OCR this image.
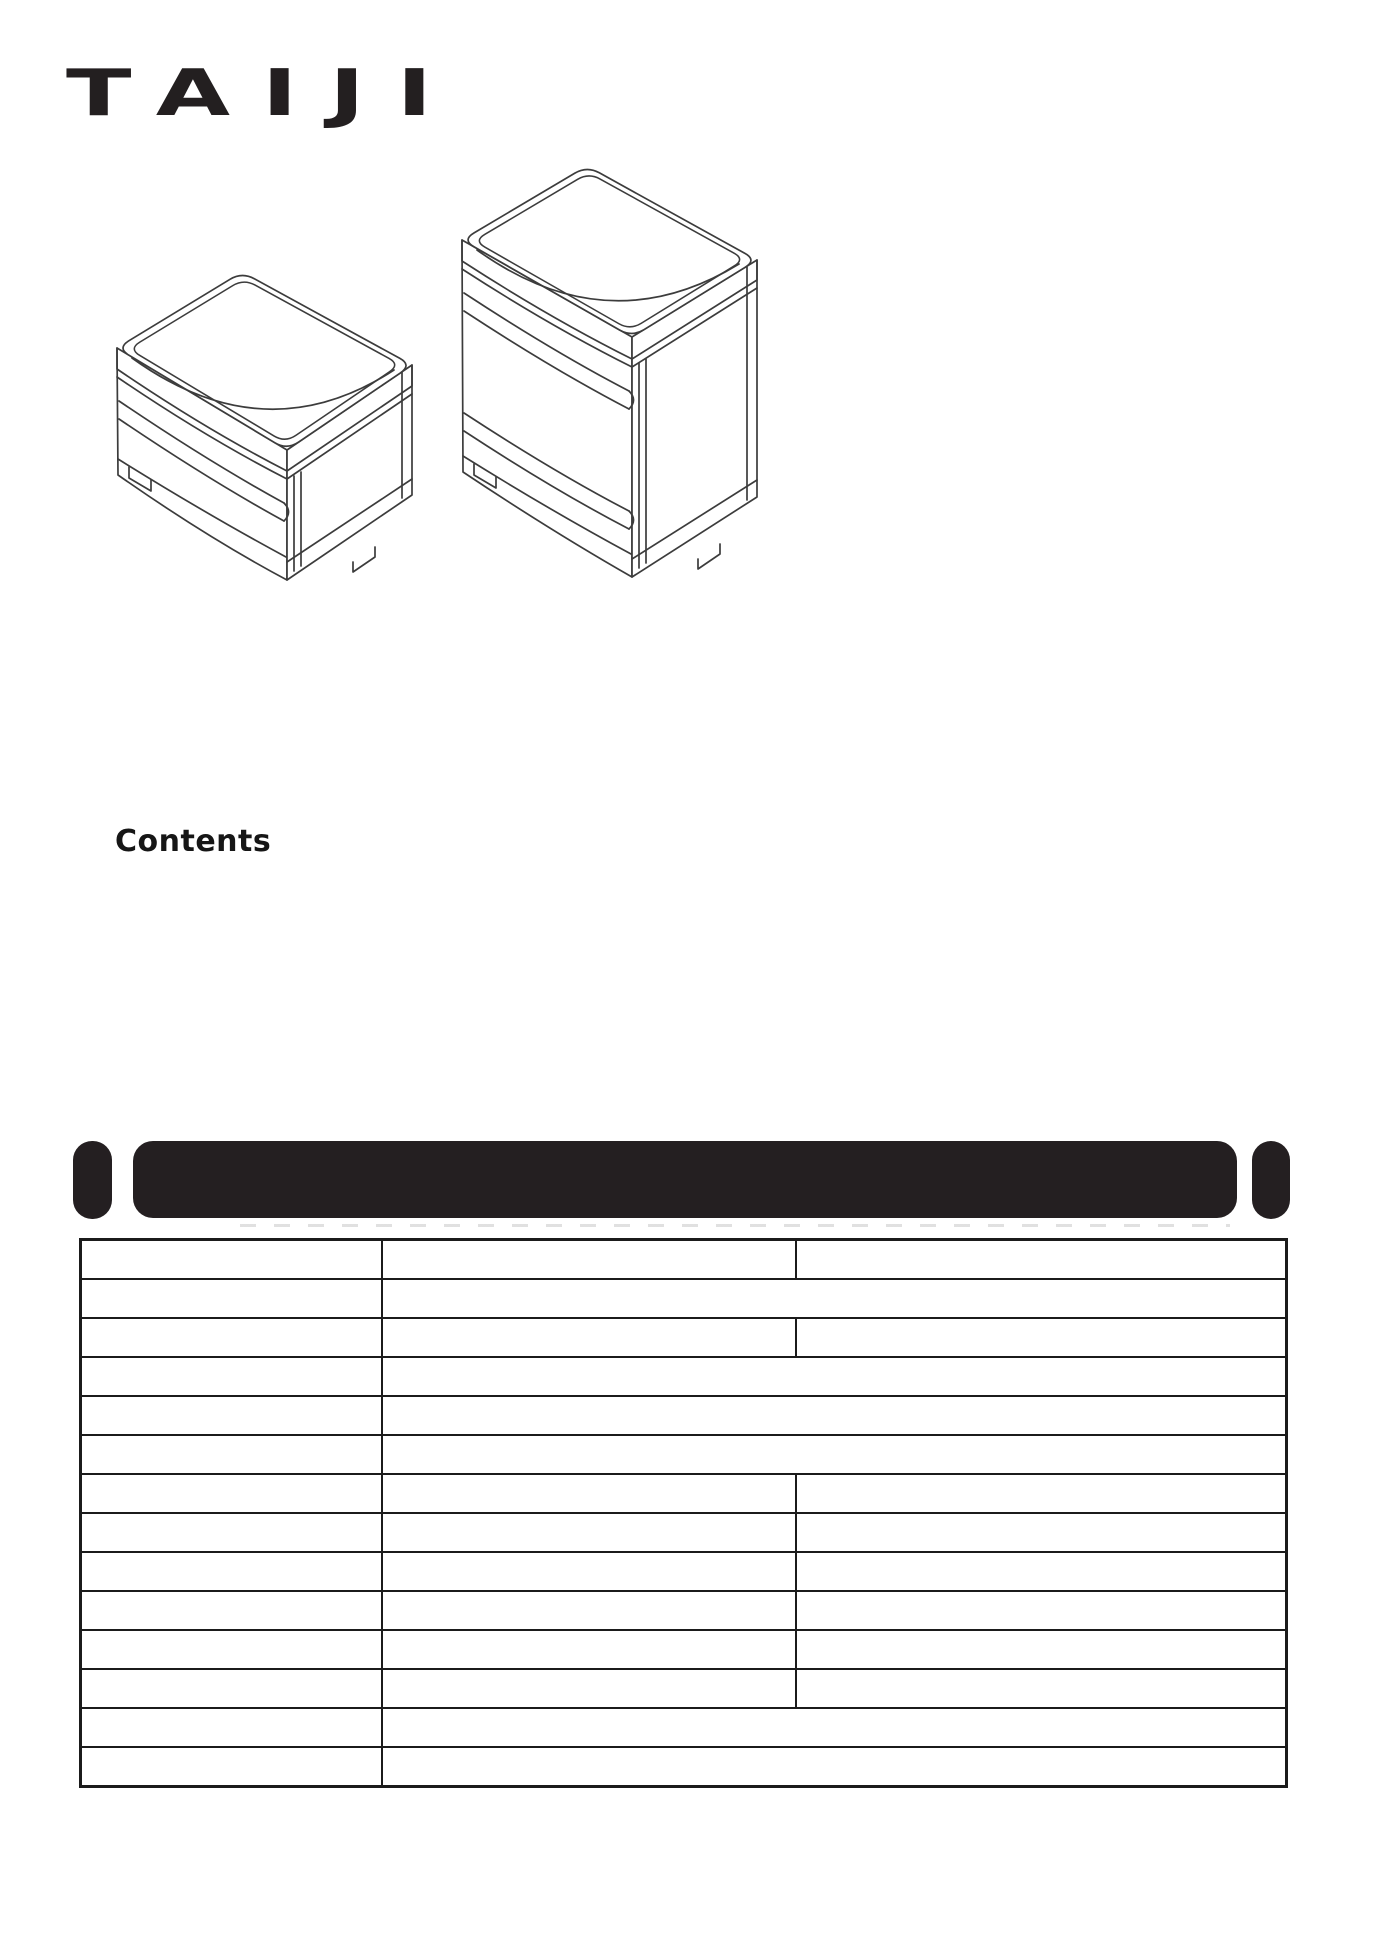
TAIJI
Contents
